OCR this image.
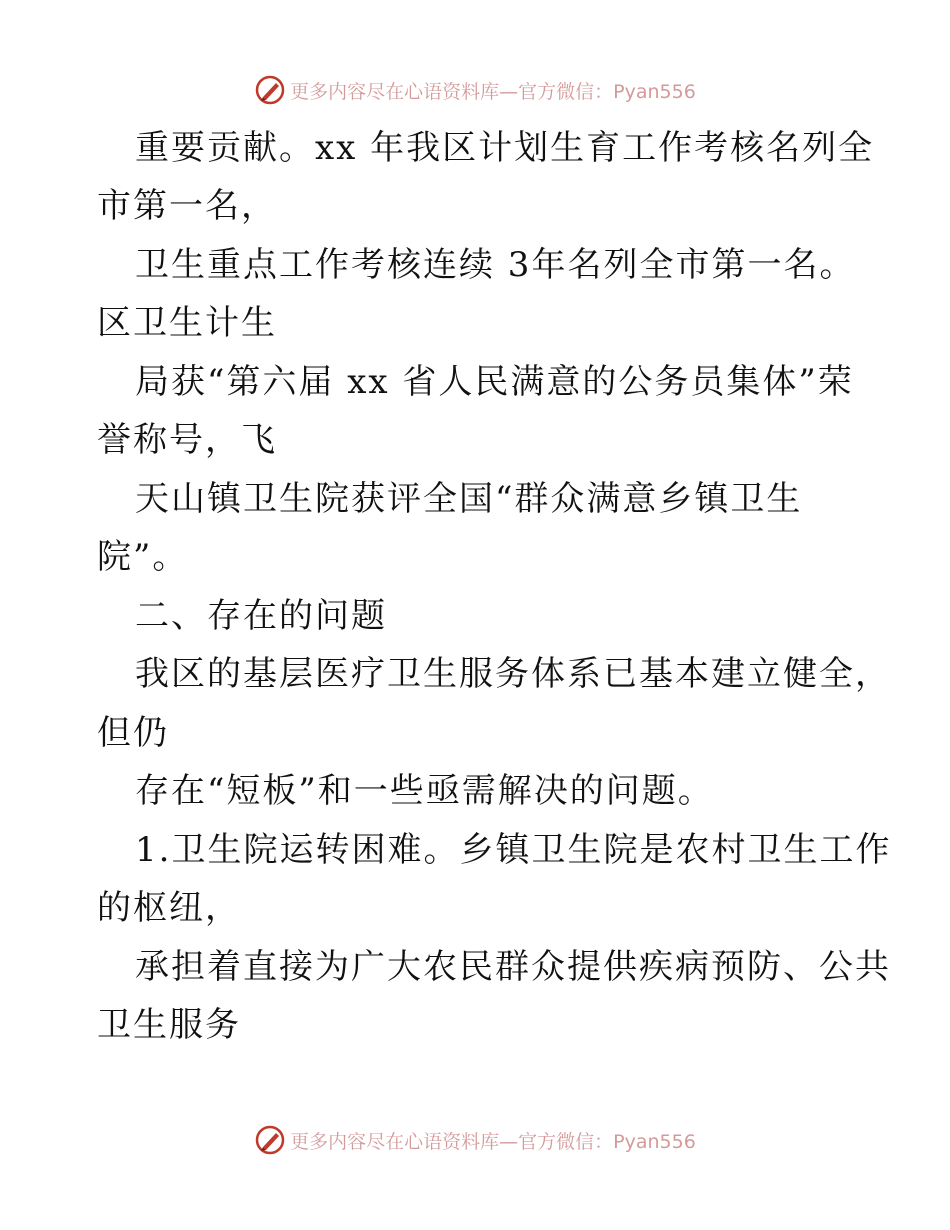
更多内容尽在心语资料库—官方微信：Pyan556
重要贡献。xx 年我区计划生育工作考核名列全
市第一名，
卫生重点工作考核连续 3年名列全市第一名。
区卫生计生
局获“第六届 xx 省人民满意的公务员集体”荣
誉称号，飞
天山镇卫生院获评全国“群众满意乡镇卫生
院”。
二、存在的问题
我区的基层医疗卫生服务体系已基本建立健全，
但仍
存在“短板”和一些亟需解决的问题。
1.卫生院运转困难。乡镇卫生院是农村卫生工作
的枢纽，
承担着直接为广大农民群众提供疾病预防、公共
卫生服务
更多内容尽在心语资料库—官方微信：Pyan556
